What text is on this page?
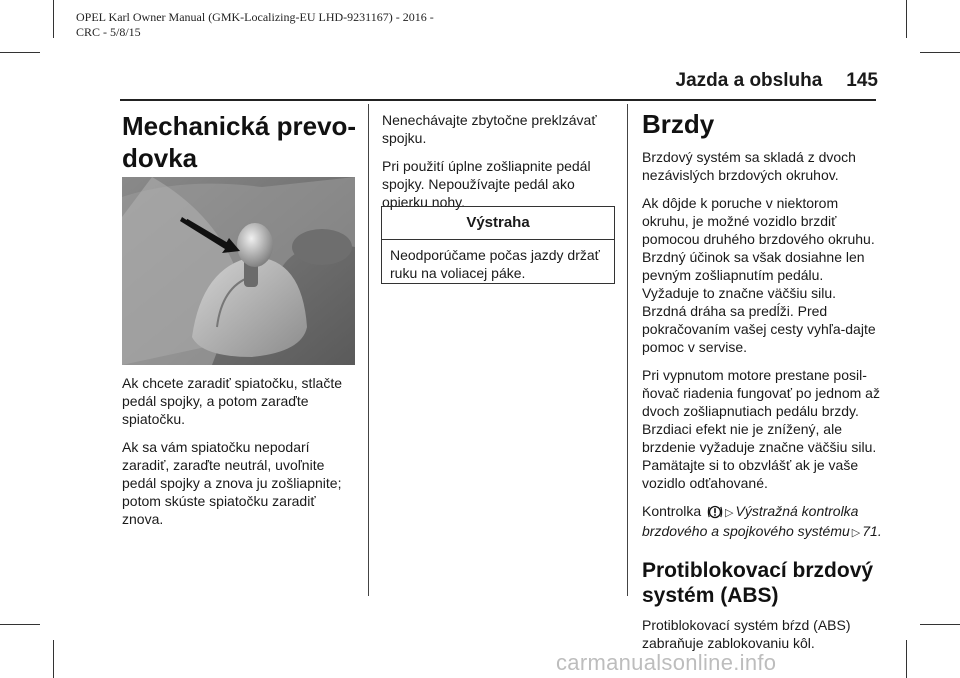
OPEL Karl Owner Manual (GMK-Localizing-EU LHD-9231167) - 2016 -
CRC - 5/8/15
Jazda a obsluha 145
Mechanická prevo-
dovka

Ak chcete zaradiť spiatočku, stlačte pedál spojky, a potom zaraďte spiatočku.

Ak sa vám spiatočku nepodarí zaradiť, zaraďte neutrál, uvoľnite pedál spojky a znova ju zošliapnite; potom skúste spiatočku zaradiť znova.

Nenechávajte zbytočne preklzávať spojku.

Pri použití úplne zošliapnite pedál spojky. Nepoužívajte pedál ako opierku nohy.

Výstraha
Neodporúčame počas jazdy držať ruku na voliacej páke.
Brzdy

Brzdový systém sa skladá z dvoch nezávislých brzdových okruhov.

Ak dôjde k poruche v niektorom okruhu, je možné vozidlo brzdiť pomocou druhého brzdového okruhu. Brzdný účinok sa však dosiahne len pevným zošliapnutím pedálu. Vyžaduje to značne väčšiu silu. Brzdná dráha sa predĺži. Pred pokračovaním vašej cesty vyhľa-dajte pomoc v servise.

Pri vypnutom motore prestane posil-ňovač riadenia fungovať po jednom až dvoch zošliapnutiach pedálu brzdy. Brzdiaci efekt nie je znížený, ale brzdenie vyžaduje značne väčšiu silu. Pamätajte si to obzvlášť ak je vaše vozidlo odťahované.

Kontrolka ▷ Výstražná kontrolka brzdového a spojkového systému ▷ 71.

Protiblokovací brzdový
systém (ABS)

Protiblokovací systém bŕzd (ABS) zabraňuje zablokovaniu kôl.

carmanualsonline.info
